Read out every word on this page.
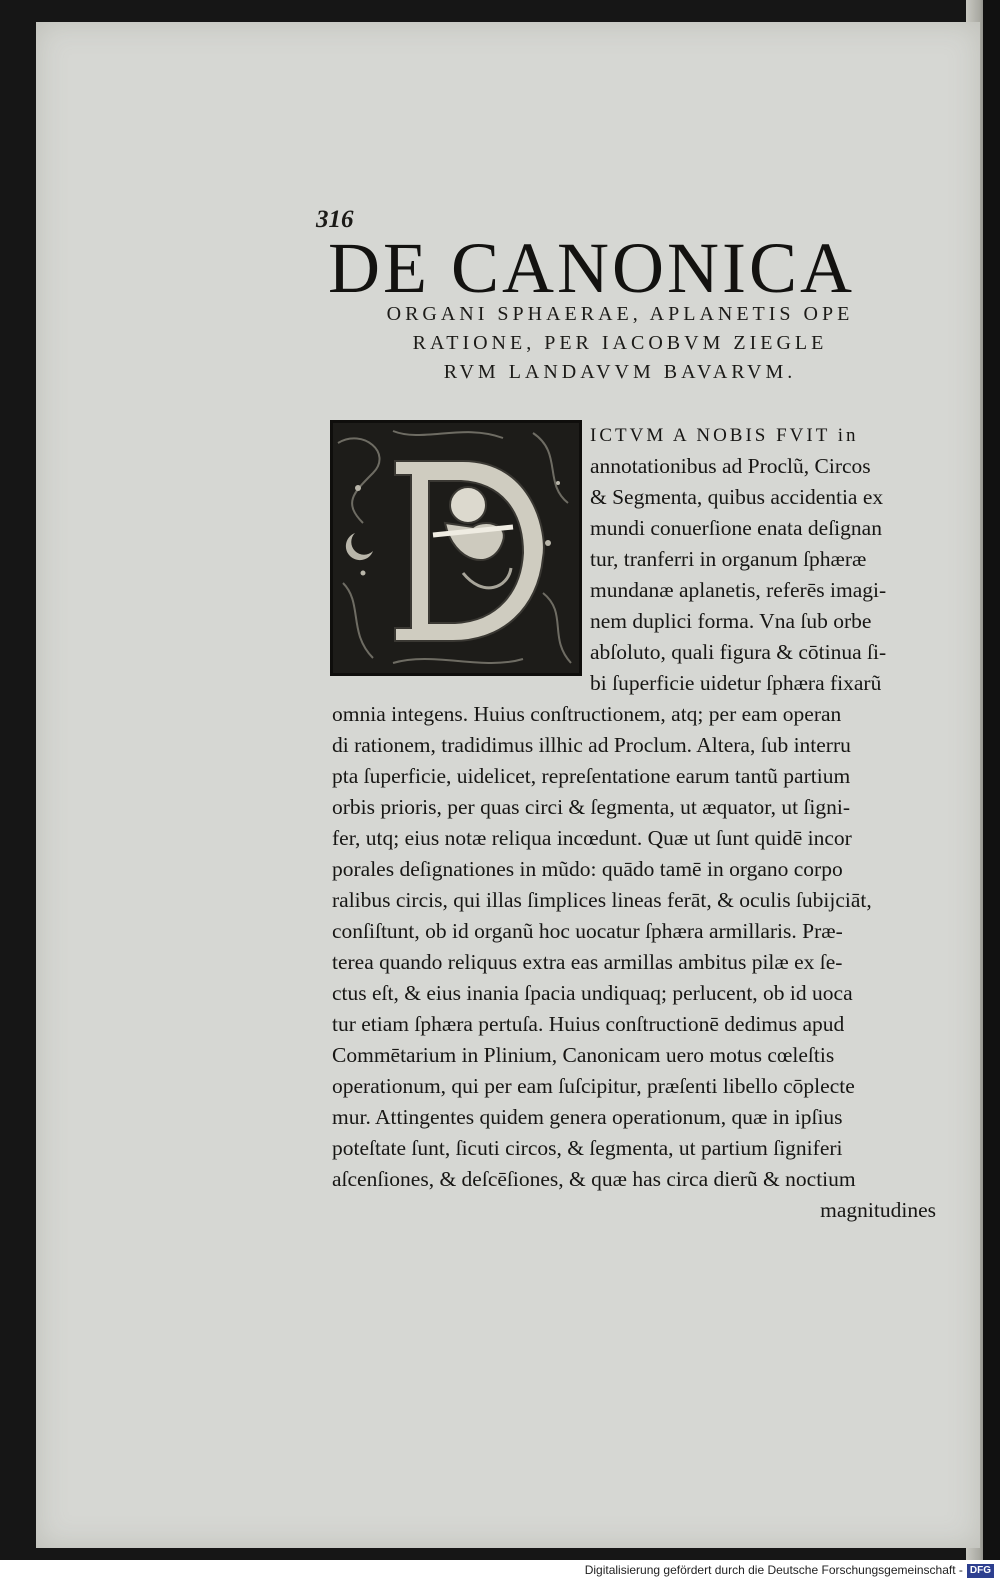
316
DE CANONICA
ORGANI SPHAERAE, APLANETIS OPE
RATIONE, PER IACOBVM ZIEGLE
RVM LANDAVVM BAVARVM.
ICTVM A NOBIS FVIT in
annotationibus ad Proclũ, Circos
& Segmenta, quibus accidentia ex
mundi conuerſione enata deſignan
tur, tranferri in organum ſphæræ
mundanæ aplanetis, referēs imagi-
nem duplici forma. Vna ſub orbe
abſoluto, quali figura & cōtinua ſi-
bi ſuperficie uidetur ſphæra fixarũ
omnia integens. Huius conſtructionem, atq; per eam operan
di rationem, tradidimus illhic ad Proclum. Altera, ſub interru
pta ſuperficie, uidelicet, repreſentatione earum tantũ partium
orbis prioris, per quas circi & ſegmenta, ut æquator, ut ſigni-
fer, utq; eius notæ reliqua incœdunt. Quæ ut ſunt quidē incor
porales deſignationes in mũdo: quādo tamē in organo corpo
ralibus circis, qui illas ſimplices lineas ferāt, & oculis ſubijciāt,
conſiſtunt, ob id organũ hoc uocatur ſphæra armillaris. Præ-
terea quando reliquus extra eas armillas ambitus pilæ ex ſe-
ctus eſt, & eius inania ſpacia undiquaq; perlucent, ob id uoca
tur etiam ſphæra pertuſa. Huius conſtructionē dedimus apud
Commētarium in Plinium, Canonicam uero motus cœleſtis
operationum, qui per eam ſuſcipitur, præſenti libello cōplecte
mur. Attingentes quidem genera operationum, quæ in ipſius
poteſtate ſunt, ſicuti circos, & ſegmenta, ut partium ſigniferi
aſcenſiones, & deſcēſiones, & quæ has circa dierũ & noctium
magnitudines
Digitalisierung gefördert durch die Deutsche Forschungsgemeinschaft - DFG
